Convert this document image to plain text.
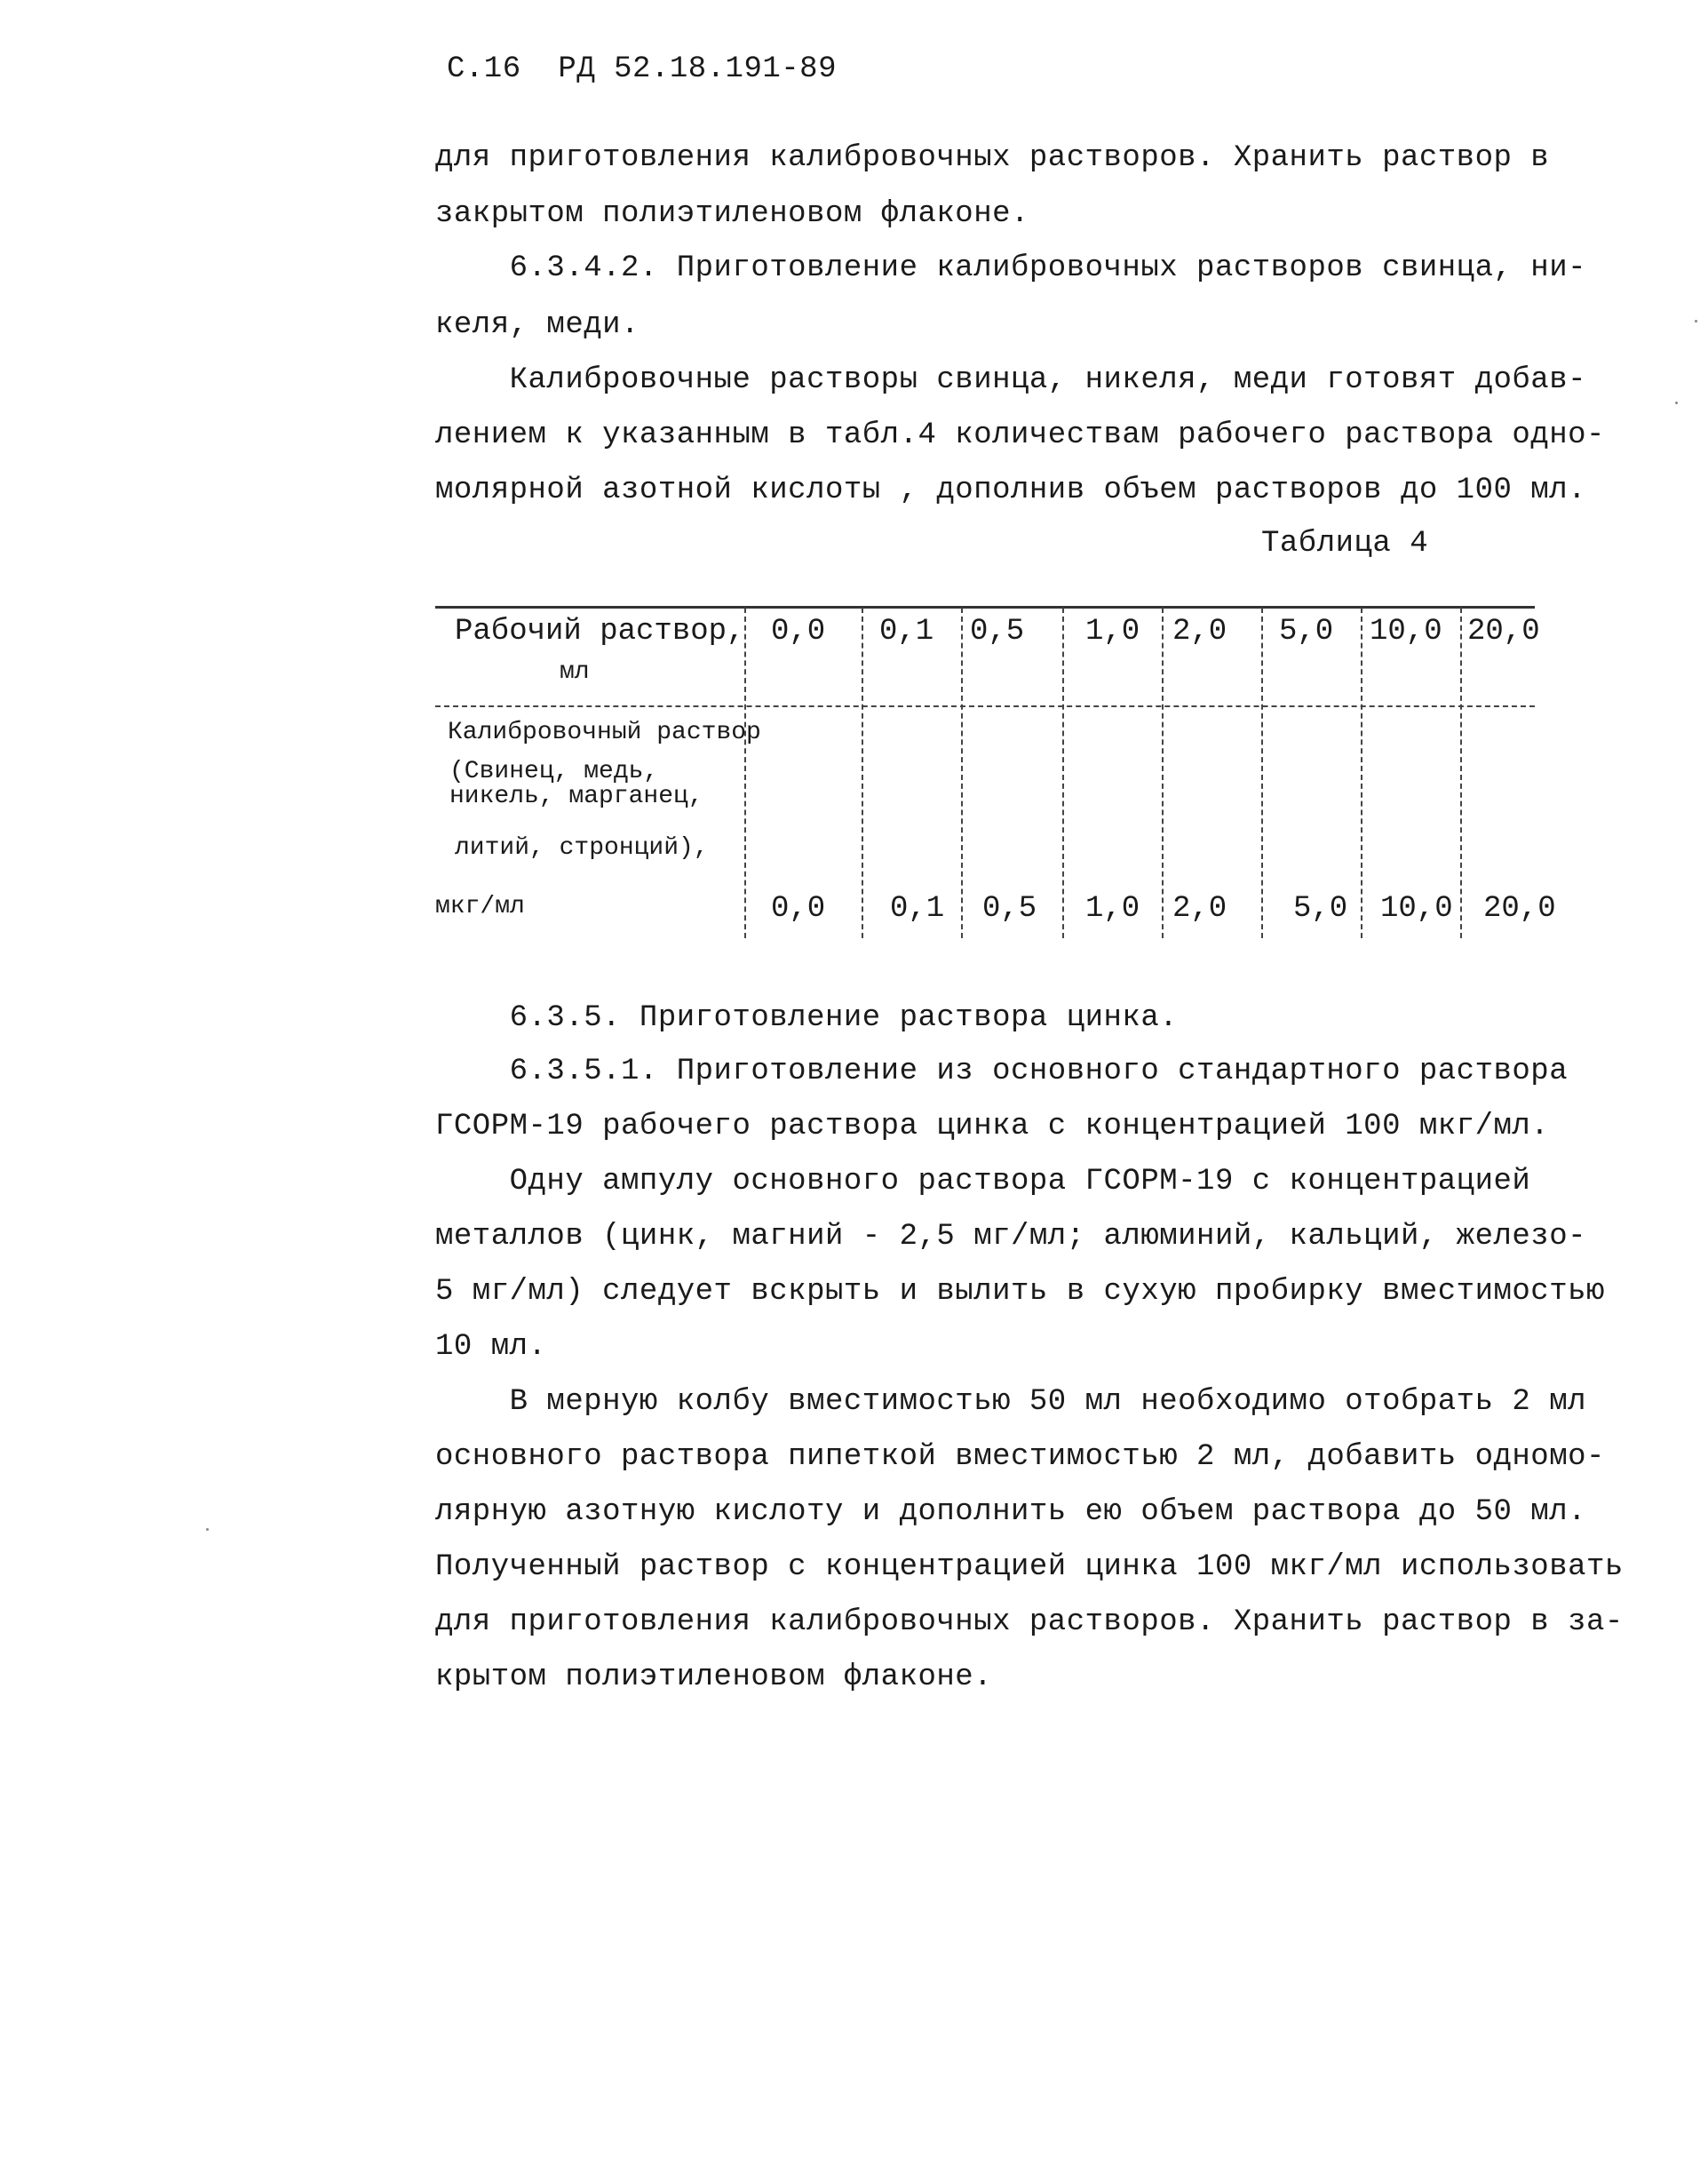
С.16  РД 52.18.191-89
для приготовления калибровочных растворов. Хранить раствор в
закрытом полиэтиленовом флаконе.
6.3.4.2. Приготовление калибровочных растворов свинца, ни-
келя, меди.
Калибровочные растворы свинца, никеля, меди готовят добав-
лением к указанным в табл.4 количествам рабочего раствора одно-
молярной азотной кислоты , дополнив объем растворов до 100 мл.
Таблица 4
Рабочий раствор,
мл
0,0 0,1 0,5 1,0 2,0 5,0 10,0 20,0
Калибровочный раствор
(Свинец, медь,
никель, марганец,
литий, стронций),
мкг/мл	0,0 0,1 0,5 1,0 2,0 5,0 10,0 20,0
6.3.5. Приготовление раствора цинка.
6.3.5.1. Приготовление из основного стандартного раствора
ГСОРМ-19 рабочего раствора цинка с концентрацией 100 мкг/мл.
Одну ампулу основного раствора ГСОРМ-19 с концентрацией
металлов (цинк, магний - 2,5 мг/мл; алюминий, кальций, железо-
5 мг/мл) следует вскрыть и вылить в сухую пробирку вместимостью
10 мл.
В мерную колбу вместимостью 50 мл необходимо отобрать 2 мл
основного раствора пипеткой вместимостью 2 мл, добавить одномо-
лярную азотную кислоту и дополнить ею объем раствора до 50 мл.
Полученный раствор с концентрацией цинка 100 мкг/мл использовать
для приготовления калибровочных растворов. Хранить раствор в за-
крытом полиэтиленовом флаконе.
